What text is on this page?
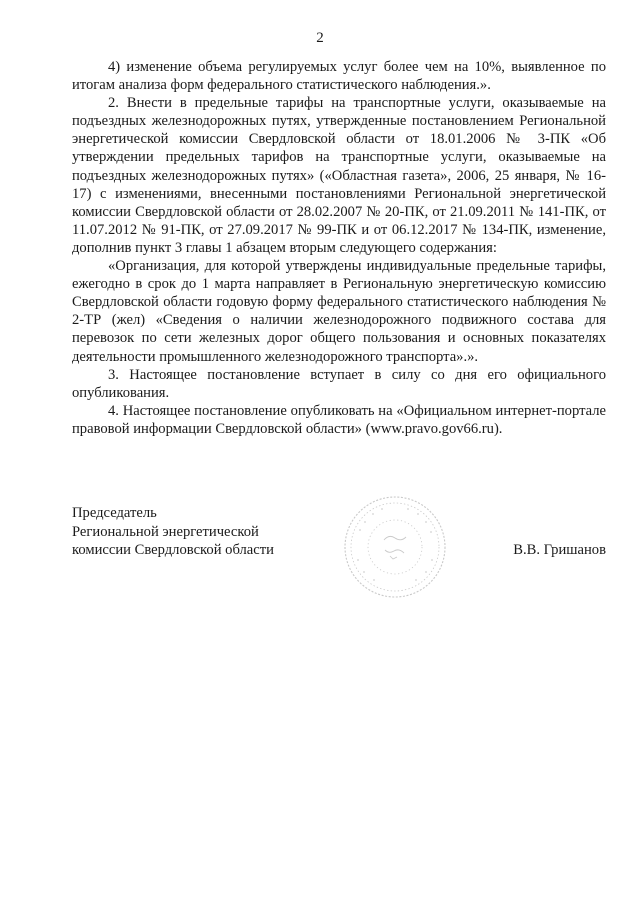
2

4) изменение объема регулируемых услуг более чем на 10%, выявленное по итогам анализа форм федерального статистического наблюдения.».

2. Внести в предельные тарифы на транспортные услуги, оказываемые на подъездных железнодорожных путях, утвержденные постановлением Региональной энергетической комиссии Свердловской области от 18.01.2006 № 3-ПК «Об утверждении предельных тарифов на транспортные услуги, оказываемые на подъездных железнодорожных путях» («Областная газета», 2006, 25 января, № 16-17) с изменениями, внесенными постановлениями Региональной энергетической комиссии Свердловской области от 28.02.2007 № 20-ПК, от 21.09.2011 № 141-ПК, от 11.07.2012 № 91-ПК, от 27.09.2017 № 99-ПК и от 06.12.2017 № 134-ПК, изменение, дополнив пункт 3 главы 1 абзацем вторым следующего содержания:

«Организация, для которой утверждены индивидуальные предельные тарифы, ежегодно в срок до 1 марта направляет в Региональную энергетическую комиссию Свердловской области годовую форму федерального статистического наблюдения № 2-ТР (жел) «Сведения о наличии железнодорожного подвижного состава для перевозок по сети железных дорог общего пользования и основных показателях деятельности промышленного железнодорожного транспорта».».

3. Настоящее постановление вступает в силу со дня его официального опубликования.

4. Настоящее постановление опубликовать на «Официальном интернет-портале правовой информации Свердловской области» (www.pravo.gov66.ru).

Председатель
Региональной энергетической
комиссии Свердловской области	В.В. Гришанов
